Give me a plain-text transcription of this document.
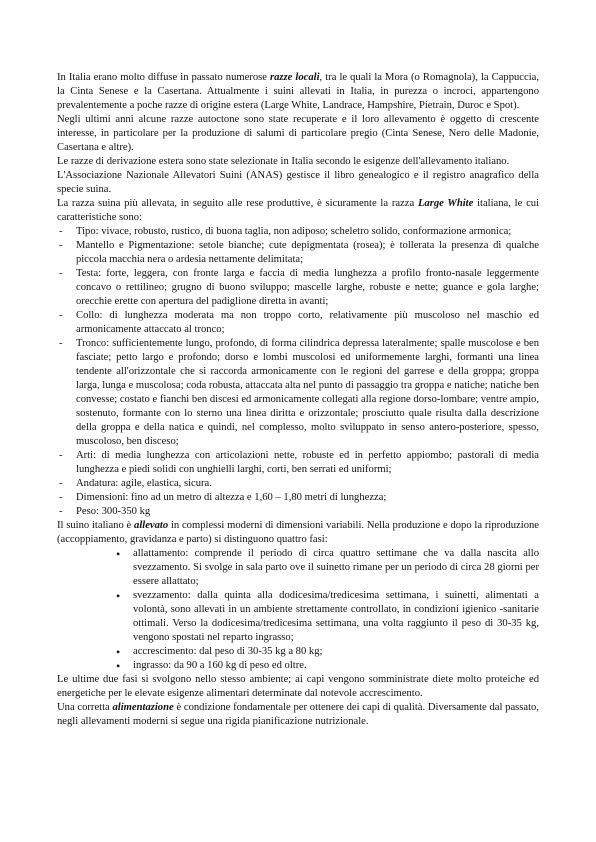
In Italia erano molto diffuse in passato numerose razze locali, tra le quali la Mora (o Romagnola), la Cappuccia, la Cinta Senese e la Casertana. Attualmente i suini allevati in Italia, in purezza o incroci, appartengono prevalentemente a poche razze di origine estera (Large White, Landrace, Hampshire, Pietrain, Duroc e Spot).

Negli ultimi anni alcune razze autoctone sono state recuperate e il loro allevamento è oggetto di crescente interesse, in particolare per la produzione di salumi di particolare pregio (Cinta Senese, Nero delle Madonie, Casertana e altre).

Le razze di derivazione estera sono state selezionate in Italia secondo le esigenze dell'allevamento italiano.

L'Associazione Nazionale Allevatori Suini (ANAS) gestisce il libro genealogico e il registro anagrafico della specie suina.

La razza suina più allevata, in seguito alle rese produttive, è sicuramente la razza Large White italiana, le cui caratteristiche sono:

- Tipo: vivace, robusto, rustico, di buona taglia, non adiposo; scheletro solido, conformazione armonica;
- Mantello e Pigmentazione: setole bianche; cute depigmentata (rosea); è tollerata la presenza di qualche piccola macchia nera o ardesia nettamente delimitata;
- Testa: forte, leggera, con fronte larga e faccia di media lunghezza a profilo fronto-nasale leggermente concavo o rettilineo; grugno di buono sviluppo; mascelle larghe, robuste e nette; guance e gola larghe; orecchie erette con apertura del padiglione diretta in avanti;
- Collo: di lunghezza moderata ma non troppo corto, relativamente più muscoloso nel maschio ed armonicamente attaccato al tronco;
- Tronco: sufficientemente lungo, profondo, di forma cilindrica depressa lateralmente; spalle muscolose e ben fasciate; petto largo e profondo; dorso e lombi muscolosi ed uniformemente larghi, formanti una linea tendente all'orizzontale che si raccorda armonicamente con le regioni del garrese e della groppa; groppa larga, lunga e muscolosa; coda robusta, attaccata alta nel punto di passaggio tra groppa e natiche; natiche ben convesse; costato e fianchi ben discesi ed armonicamente collegati alla regione dorso-lombare; ventre ampio, sostenuto, formante con lo sterno una linea diritta e orizzontale; prosciutto quale risulta dalla descrizione della groppa e della natica e quindi, nel complesso, molto sviluppato in senso antero-posteriore, spesso, muscoloso, ben disceso;
- Arti: di media lunghezza con articolazioni nette, robuste ed in perfetto appiombo; pastorali di media lunghezza e piedi solidi con unghielli larghi, corti, ben serrati ed uniformi;
- Andatura: agile, elastica, sicura.
- Dimensioni: fino ad un metro di altezza e 1,60 – 1,80 metri di lunghezza;
- Peso: 300-350 kg

Il suino italiano è allevato in complessi moderni di dimensioni variabili. Nella produzione e dopo la riproduzione (accoppiamento, gravidanza e parto) si distinguono quattro fasi:

• allattamento: comprende il periodo di circa quattro settimane che va dalla nascita allo svezzamento. Si svolge in sala parto ove il suinetto rimane per un periodo di circa 28 giorni per essere allattato;
• svezzamento: dalla quinta alla dodicesima/tredicesima settimana, i suinetti, alimentati a volontà, sono allevati in un ambiente strettamente controllato, in condizioni igienico -sanitarie ottimali. Verso la dodicesima/tredicesima settimana, una volta raggiunto il peso di 30-35 kg, vengono spostati nel reparto ingrasso;
• accrescimento: dal peso di 30-35 kg a 80 kg;
• ingrasso: da 90 a 160 kg di peso ed oltre.

Le ultime due fasi si svolgono nello stesso ambiente; ai capi vengono somministrate diete molto proteiche ed energetiche per le elevate esigenze alimentari determinate dal notevole accrescimento.

Una corretta alimentazione è condizione fondamentale per ottenere dei capi di qualità. Diversamente dal passato, negli allevamenti moderni si segue una rigida pianificazione nutrizionale.
